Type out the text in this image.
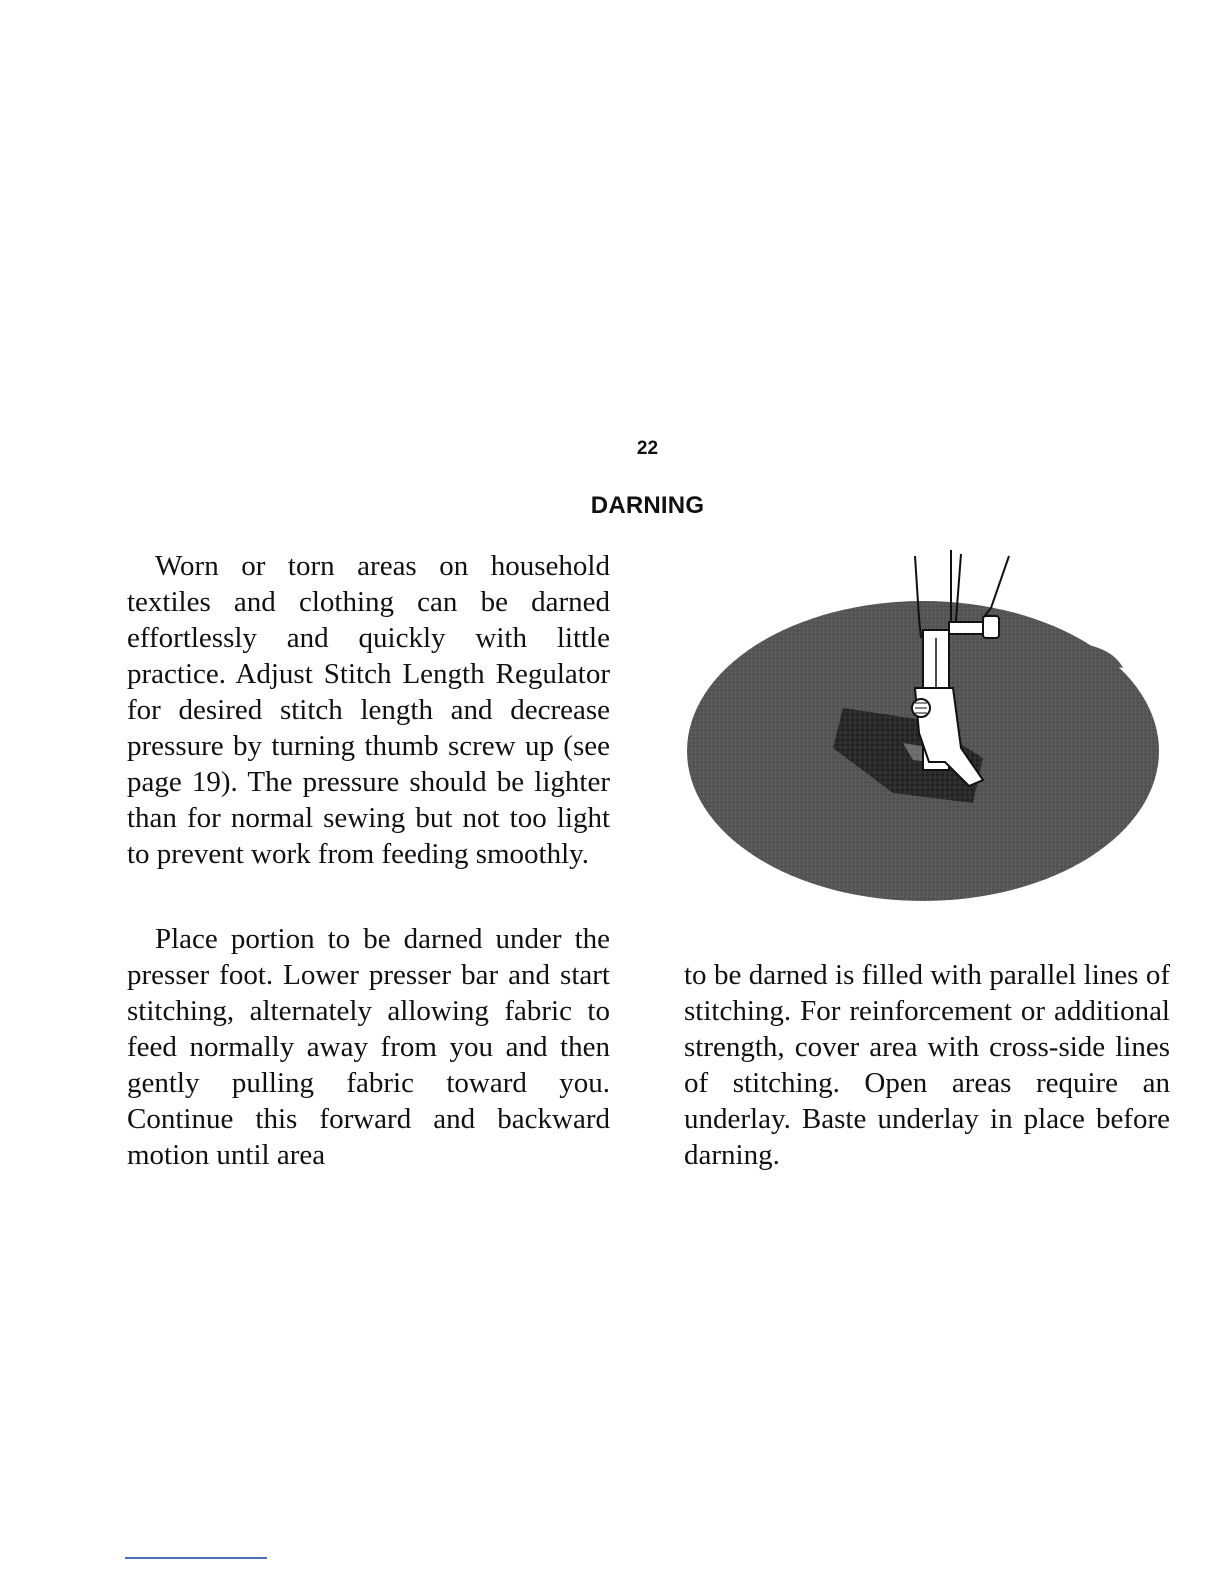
22
DARNING

Worn or torn areas on household textiles and clothing can be darned effortlessly and quickly with little practice. Adjust Stitch Length Regulator for desired stitch length and decrease pressure by turning thumb screw up (see page 19). The pressure should be lighter than for normal sewing but not too light to prevent work from feeding smoothly.

Place portion to be darned under the presser foot. Lower presser bar and start stitching, alternately allowing fabric to feed normally away from you and then gently pulling fabric toward you. Continue this forward and backward motion until area

to be darned is filled with parallel lines of stitching. For reinforcement or additional strength, cover area with cross-side lines of stitching. Open areas require an underlay. Baste underlay in place before darning.
